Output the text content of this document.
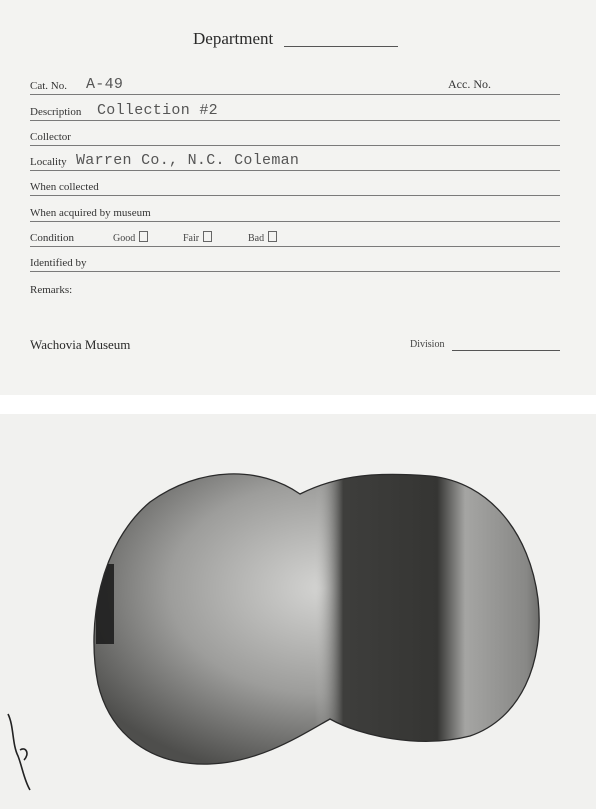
Department
Cat. No. A-49	Acc. No.
Description Collection #2
Collector
Locality Warren Co., N.C. Coleman
When collected
When acquired by museum
Condition	Good	Fair	Bad
Identified by
Remarks:
Wachovia Museum	Division
